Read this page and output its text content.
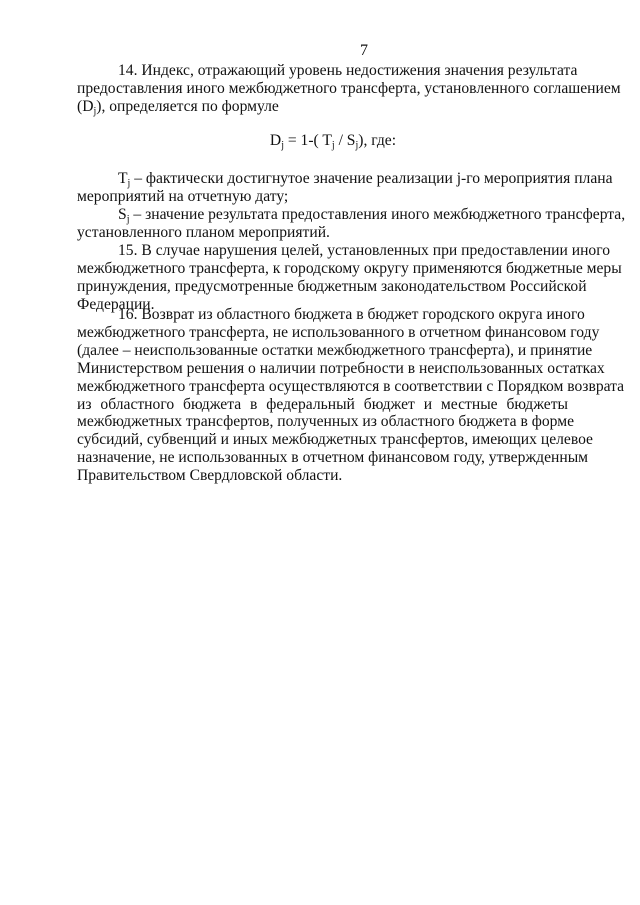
7
14. Индекс, отражающий уровень недостижения значения результата
предоставления иного межбюджетного трансферта, установленного соглашением
$(D_j)$, определяется по формуле
$D_j = 1-$( $T_j / S_j$), где:
$T_j$ – фактически достигнутое значение реализации j-го мероприятия плана
мероприятий на отчетную дату;
$S_j$ – значение результата предоставления иного межбюджетного трансферта,
установленного планом мероприятий.
15. В случае нарушения целей, установленных при предоставлении иного
межбюджетного трансферта, к городскому округу применяются бюджетные меры
принуждения, предусмотренные бюджетным законодательством Российской
Федерации.
16. Возврат из областного бюджета в бюджет городского округа иного
межбюджетного трансферта, не использованного в отчетном финансовом году
(далее – неиспользованные остатки межбюджетного трансферта), и принятие
Министерством решения о наличии потребности в неиспользованных остатках
межбюджетного трансферта осуществляются в соответствии с Порядком возврата
из областного бюджета в федеральный бюджет и местные бюджеты
межбюджетных трансфертов, полученных из областного бюджета в форме
субсидий, субвенций и иных межбюджетных трансфертов, имеющих целевое
назначение, не использованных в отчетном финансовом году, утвержденным
Правительством Свердловской области.
